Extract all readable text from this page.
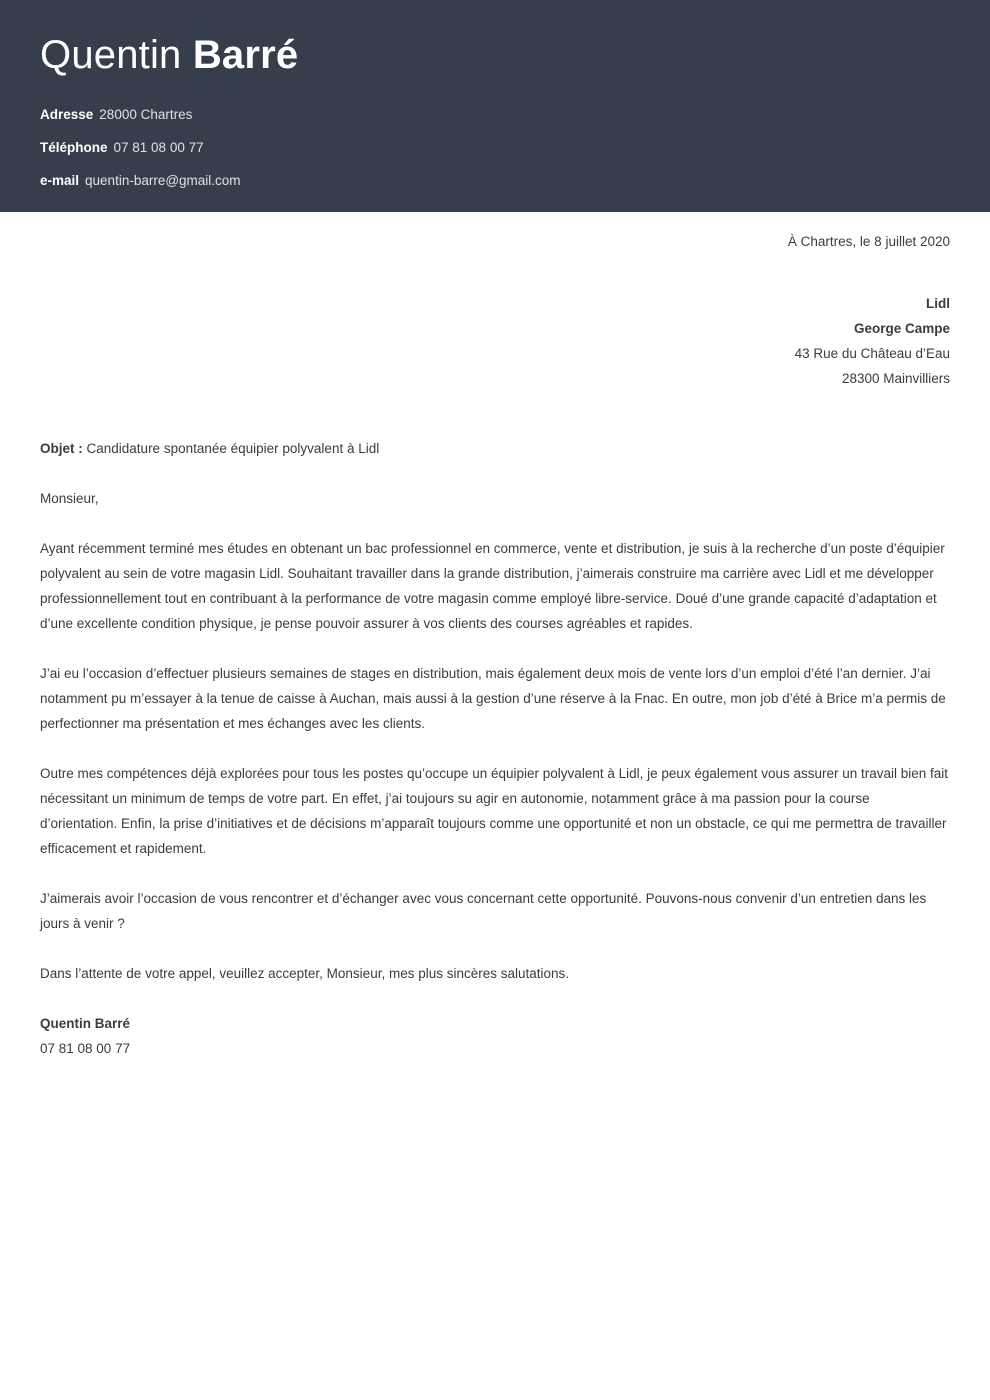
Quentin Barré
Adresse 28000 Chartres
Téléphone 07 81 08 00 77
e-mail quentin-barre@gmail.com
À Chartres, le 8 juillet 2020
Lidl
George Campe
43 Rue du Château d’Eau
28300 Mainvilliers
Objet : Candidature spontanée équipier polyvalent à Lidl
Monsieur,

Ayant récemment terminé mes études en obtenant un bac professionnel en commerce, vente et distribution, je suis à la recherche d’un poste d’équipier polyvalent au sein de votre magasin Lidl. Souhaitant travailler dans la grande distribution, j’aimerais construire ma carrière avec Lidl et me développer professionnellement tout en contribuant à la performance de votre magasin comme employé libre-service. Doué d’une grande capacité d’adaptation et d’une excellente condition physique, je pense pouvoir assurer à vos clients des courses agréables et rapides.

J’ai eu l’occasion d’effectuer plusieurs semaines de stages en distribution, mais également deux mois de vente lors d’un emploi d’été l’an dernier. J’ai notamment pu m’essayer à la tenue de caisse à Auchan, mais aussi à la gestion d’une réserve à la Fnac. En outre, mon job d’été à Brice m’a permis de perfectionner ma présentation et mes échanges avec les clients.

Outre mes compétences déjà explorées pour tous les postes qu’occupe un équipier polyvalent à Lidl, je peux également vous assurer un travail bien fait nécessitant un minimum de temps de votre part. En effet, j’ai toujours su agir en autonomie, notamment grâce à ma passion pour la course d’orientation. Enfin, la prise d’initiatives et de décisions m’apparaît toujours comme une opportunité et non un obstacle, ce qui me permettra de travailler efficacement et rapidement.

J’aimerais avoir l’occasion de vous rencontrer et d’échanger avec vous concernant cette opportunité. Pouvons-nous convenir d’un entretien dans les jours à venir ?

Dans l’attente de votre appel, veuillez accepter, Monsieur, mes plus sincères salutations.

Quentin Barré
07 81 08 00 77
